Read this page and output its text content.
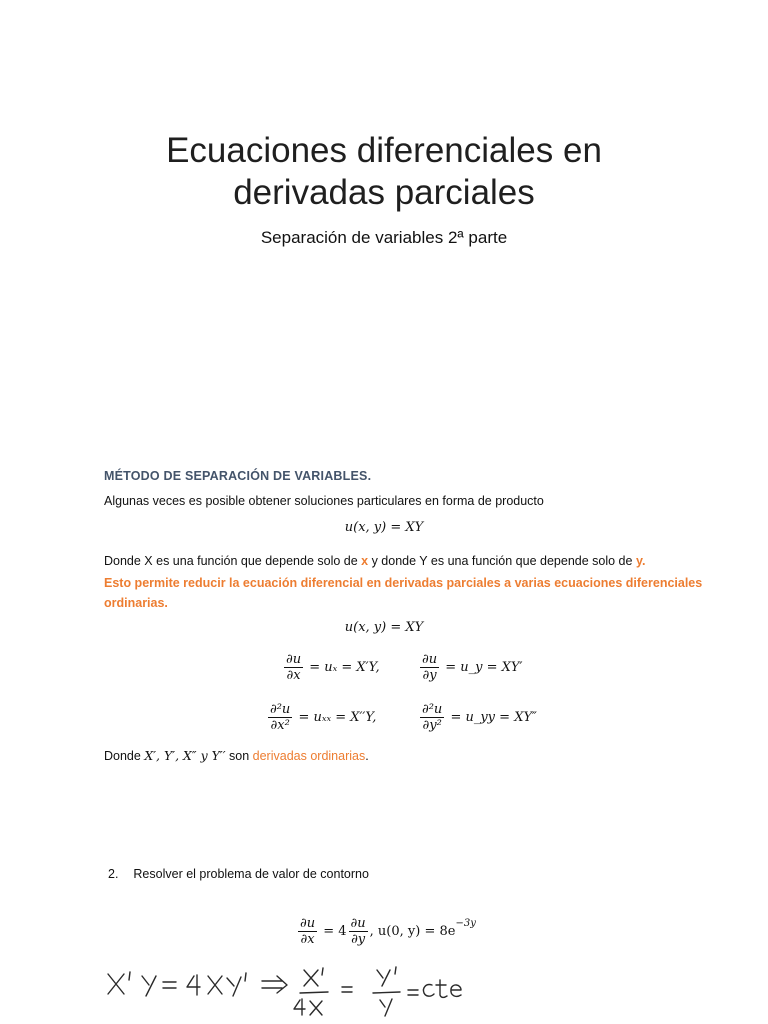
Ecuaciones diferenciales en
derivadas parciales
Separación de variables 2ª parte
MÉTODO DE SEPARACIÓN DE VARIABLES.
Algunas veces es posible obtener soluciones particulares en forma de producto
u(x, y) = XY
Donde X es una función que depende solo de x y donde Y es una función que depende solo de y.
Esto permite reducir la ecuación diferencial en derivadas parciales a varias ecuaciones diferenciales ordinarias.
u(x, y) = XY
$\frac{\partial u}{\partial x} = u_x = X'Y$,	$\frac{\partial u}{\partial y}$ = u_y = XY′
$\frac{\text{∂²u}}{\text{∂x²}} = u_{xx} = X''Y$,	$\frac{\text{∂²u}}{\text{∂y²}}$ = u_yy = XY″
Donde X′, Y′, X″ y Y′′ son derivadas ordinarias.
2. Resolver el problema de valor de contorno
$\frac{\partial u}{\partial x} = 4 \frac{\partial u}{\partial y}$ , u(0, y) = 8e
$^{-3y}$
